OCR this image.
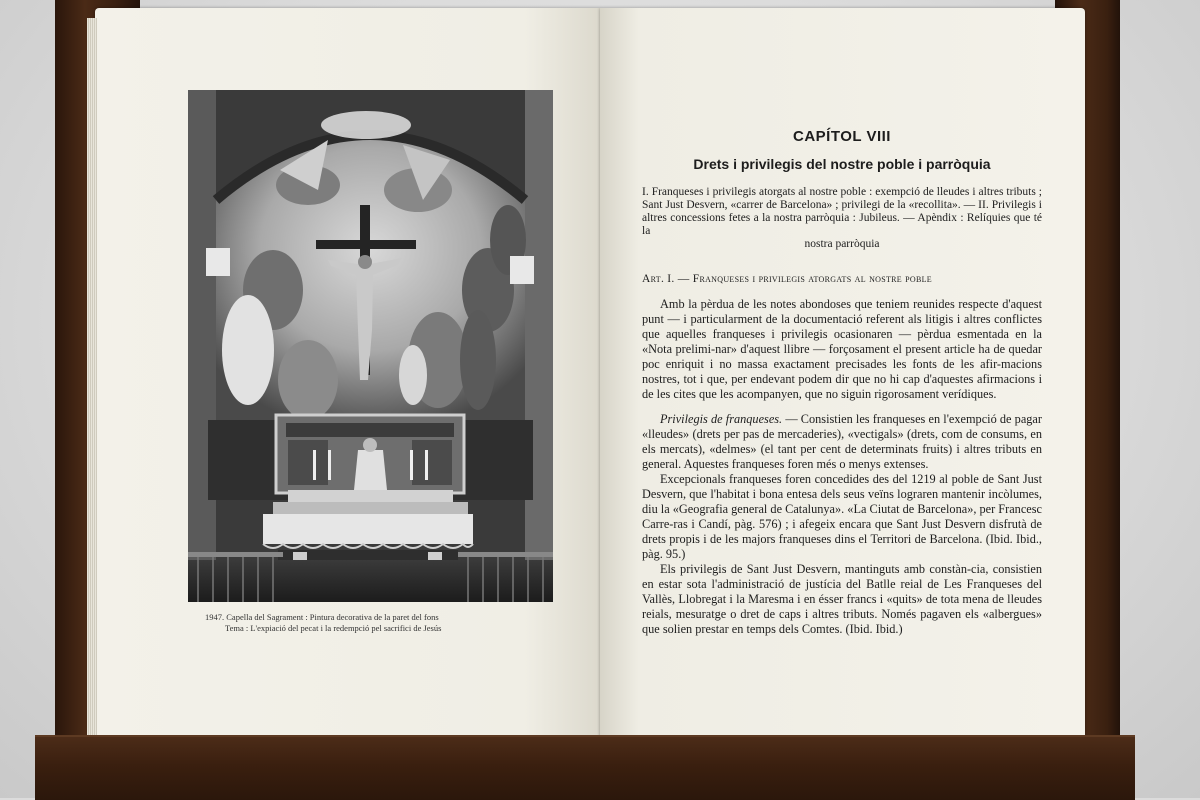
1947. Capella del Sagrament : Pintura decorativa de la paret del fons
Tema : L'expiació del pecat i la redempció pel sacrifici de Jesús
CAPÍTOL VIII
Drets i privilegis del nostre poble i parròquia
I. Franqueses i privilegis atorgats al nostre poble : exempció de lleudes i altres tributs ; Sant Just Desvern, «carrer de Barcelona» ; privilegi de la «recollita». — II. Privilegis i altres concessions fetes a la nostra parròquia : Jubileus. — Apèndix : Relíquies que té la
nostra parròquia
Art. I. — Franqueses i privilegis atorgats al nostre poble

Amb la pèrdua de les notes abondoses que teniem reunides respecte d'aquest punt — i particularment de la documentació referent als litigis i altres conflictes que aquelles franqueses i privilegis ocasionaren — pèrdua esmentada en la «Nota prelimi-nar» d'aquest llibre — forçosament el present article ha de quedar poc enriquit i no massa exactament precisades les fonts de les afir-macions nostres, tot i que, per endevant podem dir que no hi cap d'aquestes afirmacions i de les cites que les acompanyen, que no siguin rigorosament verídiques.

Privilegis de franqueses. — Consistien les franqueses en l'exempció de pagar «lleudes» (drets per pas de mercaderies), «vectigals» (drets, com de consums, en els mercats), «delmes» (el tant per cent de determinats fruits) i altres tributs en general. Aquestes franqueses foren més o menys extenses.

Excepcionals franqueses foren concedides des del 1219 al poble de Sant Just Desvern, que l'habitat i bona entesa dels seus veïns lograren mantenir incòlumes, diu la «Geografia general de Catalunya». «La Ciutat de Barcelona», per Francesc Carre-ras i Candí, pàg. 576) ; i afegeix encara que Sant Just Desvern disfrutà de drets propis i de les majors franqueses dins el Territori de Barcelona. (Ibid. Ibid., pàg. 95.)

Els privilegis de Sant Just Desvern, mantinguts amb constàn-cia, consistien en estar sota l'administració de justícia del Batlle reial de Les Franqueses del Vallès, Llobregat i la Maresma i en ésser francs i «quits» de tota mena de lleudes reials, mesuratge o dret de caps i altres tributs. Només pagaven els «albergues» que solien prestar en temps dels Comtes. (Ibid. Ibid.)
